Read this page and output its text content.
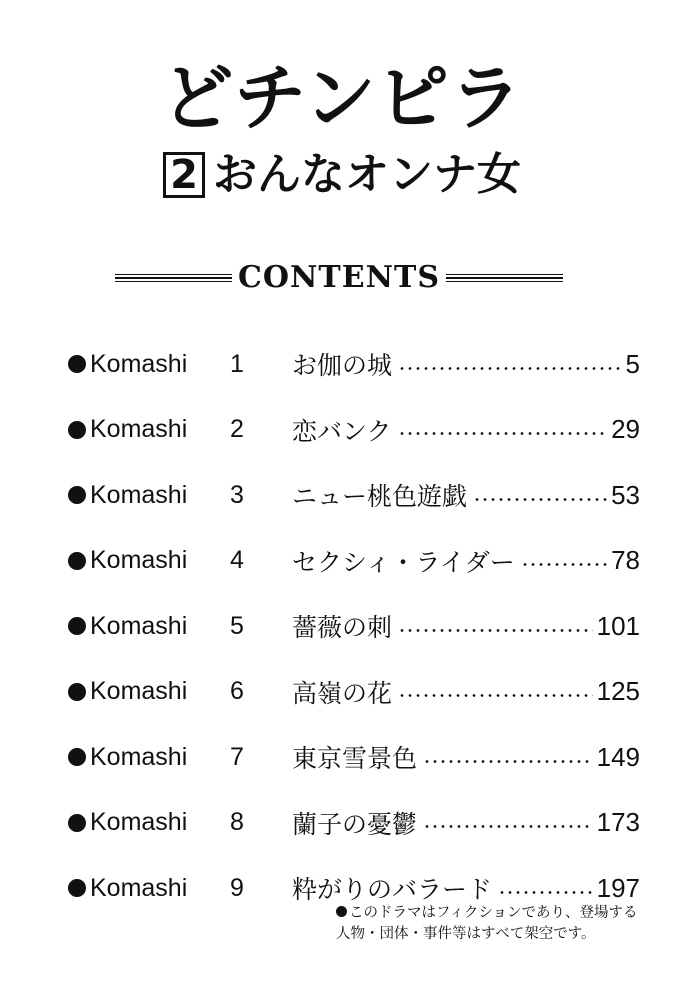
どチンピラ
2 おんなオンナ女
CONTENTS
Komashi	1	お伽の城	5
Komashi	2	恋バンク	29
Komashi	3	ニュー桃色遊戯	53
Komashi	4	セクシィ・ライダー	78
Komashi	5	薔薇の刺	101
Komashi	6	高嶺の花	125
Komashi	7	東京雪景色	149
Komashi	8	蘭子の憂鬱	173
Komashi	9	粋がりのバラード	197
このドラマはフィクションであり、登場する
人物・団体・事件等はすべて架空です。
